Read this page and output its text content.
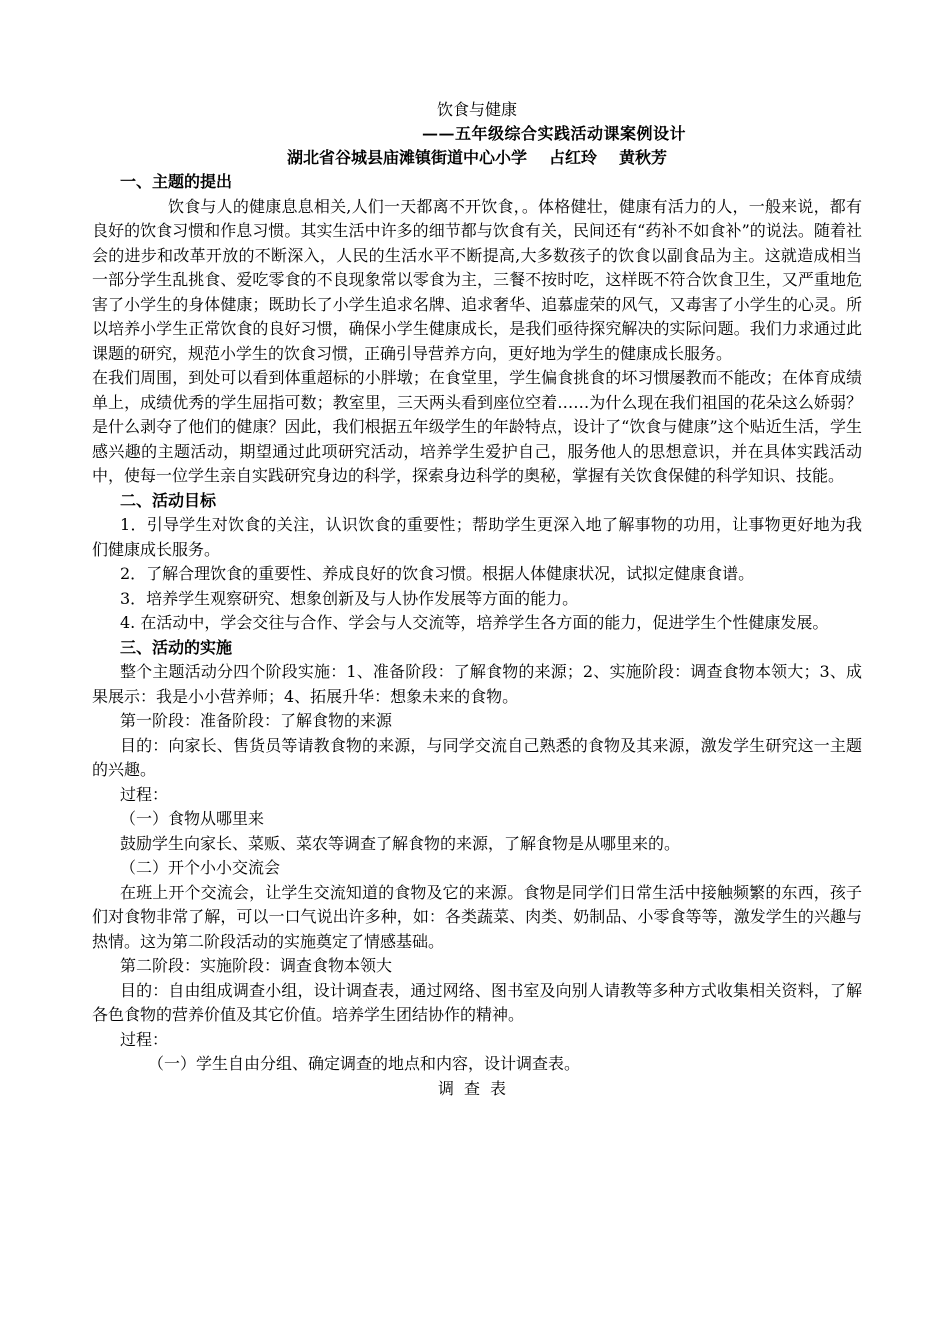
饮食与健康

——五年级综合实践活动课案例设计

湖北省谷城县庙滩镇街道中心小学 占红玲 黄秋芳

一、主题的提出

饮食与人的健康息息相关,人们一天都离不开饮食，。体格健壮，健康有活力的人，一般来说，都有良好的饮食习惯和作息习惯。其实生活中许多的细节都与饮食有关，民间还有“药补不如食补”的说法。随着社会的进步和改革开放的不断深入，人民的生活水平不断提高,大多数孩子的饮食以副食品为主。这就造成相当一部分学生乱挑食、爱吃零食的不良现象常以零食为主，三餐不按时吃，这样既不符合饮食卫生，又严重地危害了小学生的身体健康；既助长了小学生追求名牌、追求奢华、追慕虚荣的风气，又毒害了小学生的心灵。所以培养小学生正常饮食的良好习惯，确保小学生健康成长，是我们亟待探究解决的实际问题。我们力求通过此课题的研究，规范小学生的饮食习惯，正确引导营养方向，更好地为学生的健康成长服务。

在我们周围，到处可以看到体重超标的小胖墩；在食堂里，学生偏食挑食的坏习惯屡教而不能改；在体育成绩单上，成绩优秀的学生屈指可数；教室里，三天两头看到座位空着……为什么现在我们祖国的花朵这么娇弱？是什么剥夺了他们的健康？因此，我们根据五年级学生的年龄特点，设计了“饮食与健康”这个贴近生活，学生感兴趣的主题活动，期望通过此项研究活动，培养学生爱护自己，服务他人的思想意识，并在具体实践活动中，使每一位学生亲自实践研究身边的科学，探索身边科学的奥秘，掌握有关饮食保健的科学知识、技能。

二、活动目标

1．引导学生对饮食的关注，认识饮食的重要性；帮助学生更深入地了解事物的功用，让事物更好地为我们健康成长服务。

2．了解合理饮食的重要性、养成良好的饮食习惯。根据人体健康状况，试拟定健康食谱。

3．培养学生观察研究、想象创新及与人协作发展等方面的能力。

4. 在活动中，学会交往与合作、学会与人交流等，培养学生各方面的能力，促进学生个性健康发展。

三、活动的实施

整个主题活动分四个阶段实施：1、准备阶段：了解食物的来源；2、实施阶段：调查食物本领大；3、成果展示：我是小小营养师；4、拓展升华：想象未来的食物。

第一阶段：准备阶段：了解食物的来源

目的：向家长、售货员等请教食物的来源，与同学交流自己熟悉的食物及其来源，激发学生研究这一主题的兴趣。

过程：

（一）食物从哪里来

鼓励学生向家长、菜贩、菜农等调查了解食物的来源，了解食物是从哪里来的。

（二）开个小小交流会

在班上开个交流会，让学生交流知道的食物及它的来源。食物是同学们日常生活中接触频繁的东西，孩子们对食物非常了解，可以一口气说出许多种，如：各类蔬菜、肉类、奶制品、小零食等等，激发学生的兴趣与热情。这为第二阶段活动的实施奠定了情感基础。

第二阶段：实施阶段：调查食物本领大

目的：自由组成调查小组，设计调查表，通过网络、图书室及向别人请教等多种方式收集相关资料，了解各色食物的营养价值及其它价值。培养学生团结协作的精神。

过程：

（一）学生自由分组、确定调查的地点和内容，设计调查表。

调查表
